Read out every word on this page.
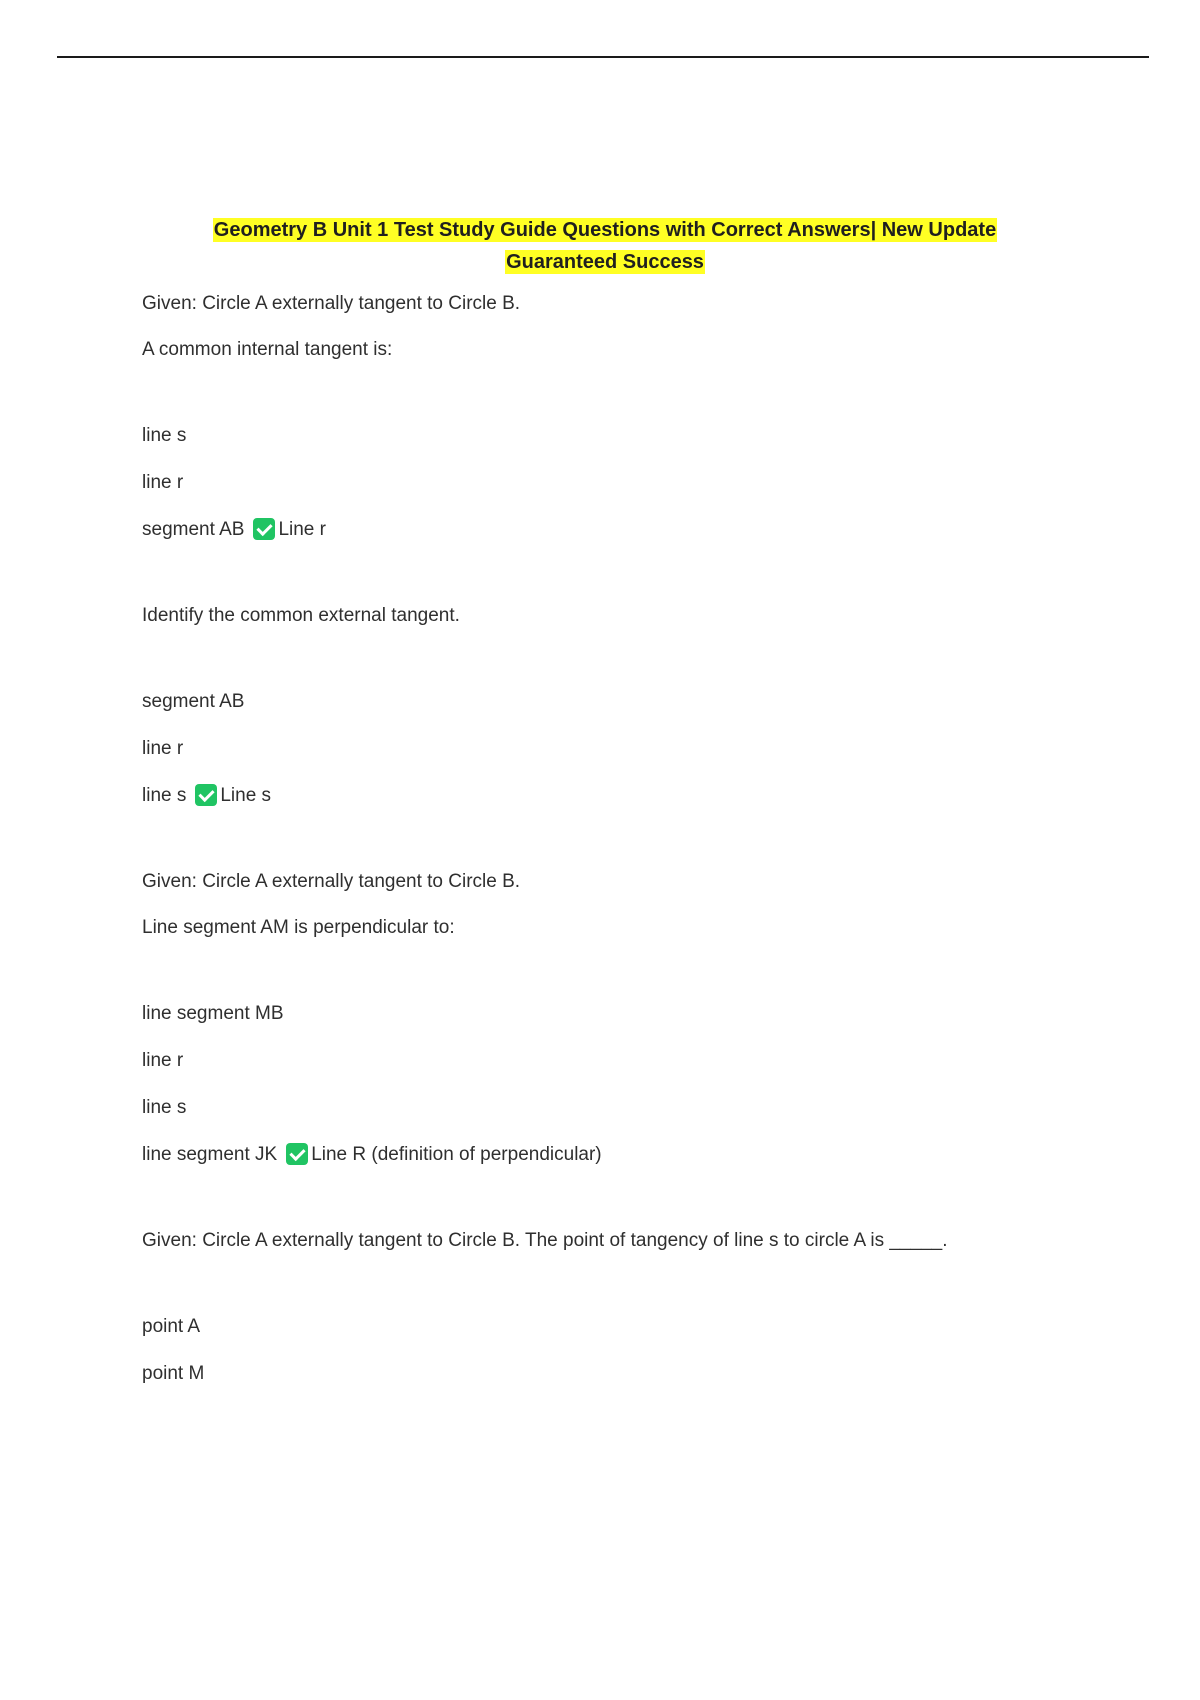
Geometry B Unit 1 Test Study Guide Questions with Correct Answers| New Update
Guaranteed Success
Given: Circle A externally tangent to Circle B.
A common internal tangent is:
line s
line r
segment AB Line r
Identify the common external tangent.
segment AB
line r
line s Line s
Given: Circle A externally tangent to Circle B.
Line segment AM is perpendicular to:
line segment MB
line r
line s
line segment JK Line R (definition of perpendicular)
Given: Circle A externally tangent to Circle B. The point of tangency of line s to circle A is _____.
point A
point M
